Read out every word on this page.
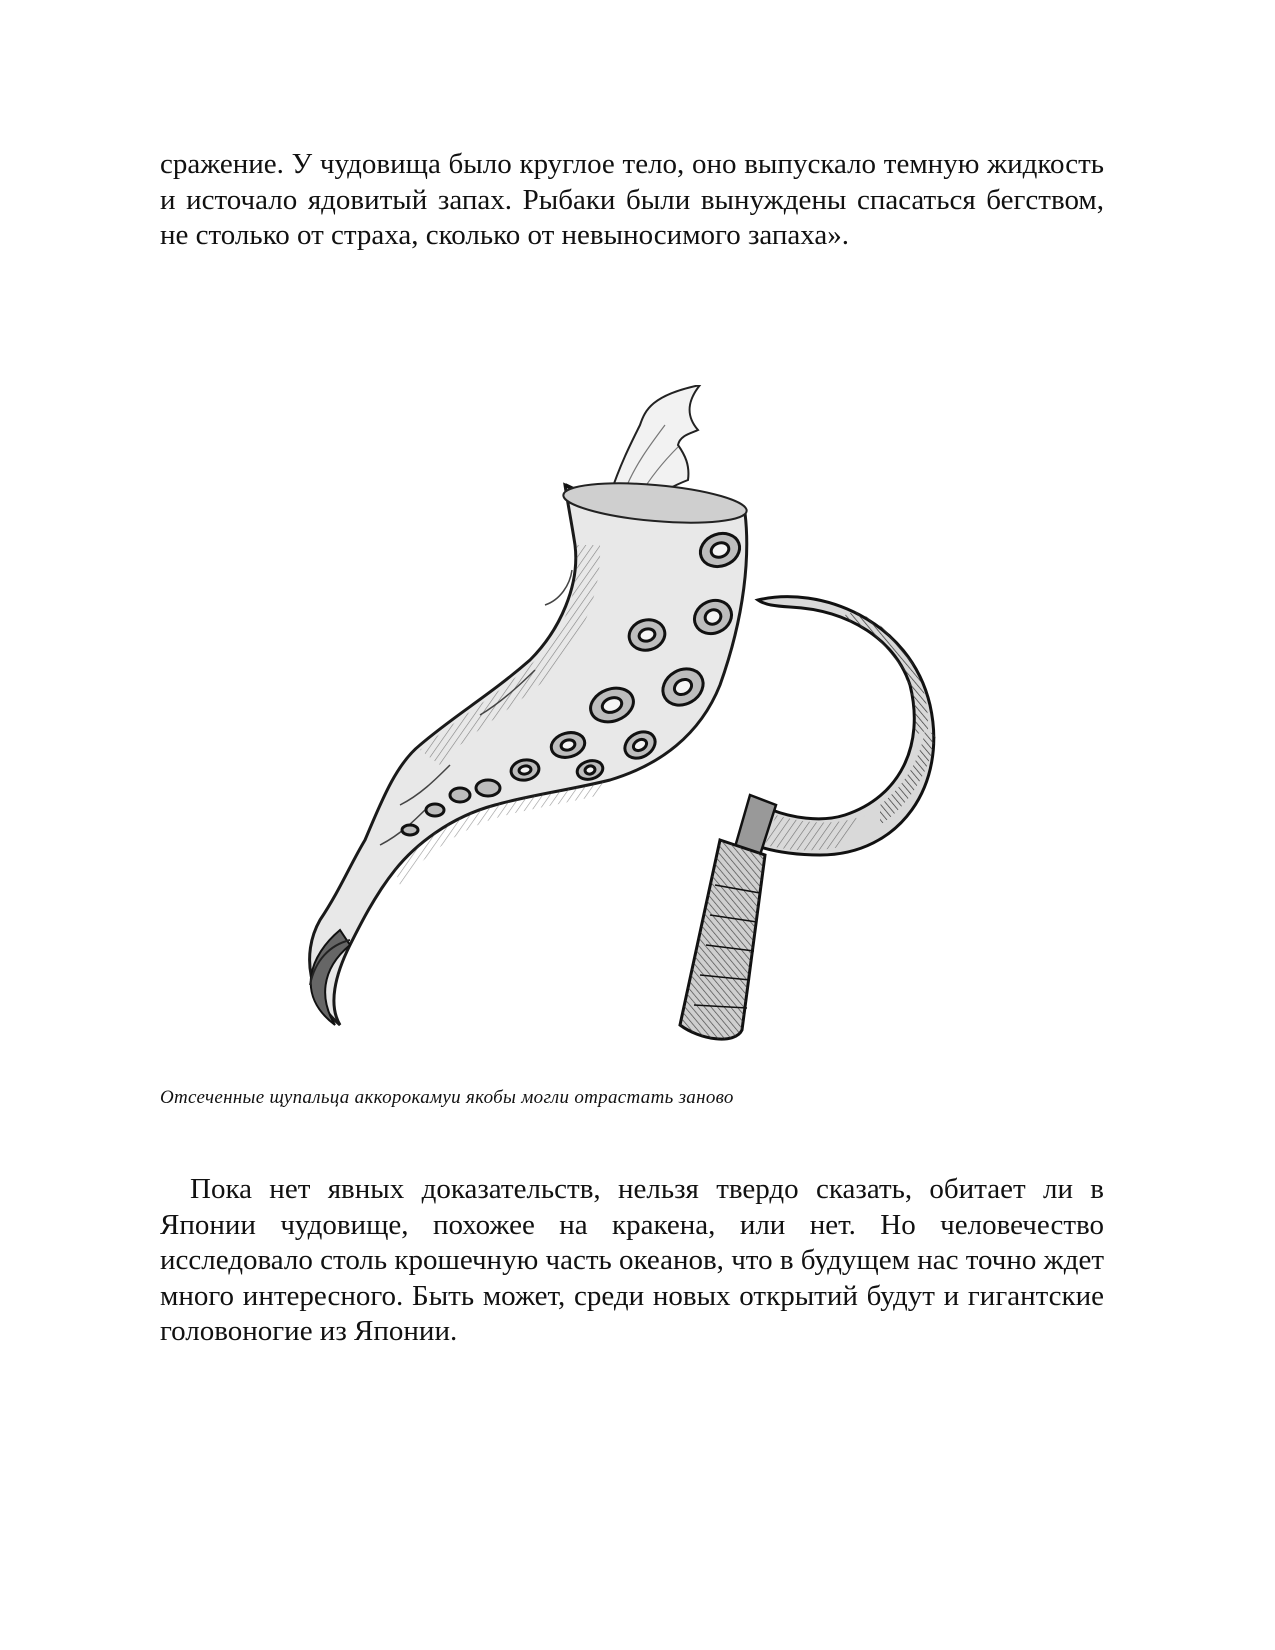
сражение. У чудовища было круглое тело, оно выпускало темную жидкость и источало ядовитый запах. Рыбаки были вынуждены спасаться бегством, не столько от страха, сколько от невыносимого запаха».

Отсеченные щупальца аккорокамуи якобы могли отрастать заново

Пока нет явных доказательств, нельзя твердо сказать, обитает ли в Японии чудовище, похожее на кракена, или нет. Но человечество исследовало столь крошечную часть океанов, что в будущем нас точно ждет много интересного. Быть может, среди новых открытий будут и гигантские головоногие из Японии.
